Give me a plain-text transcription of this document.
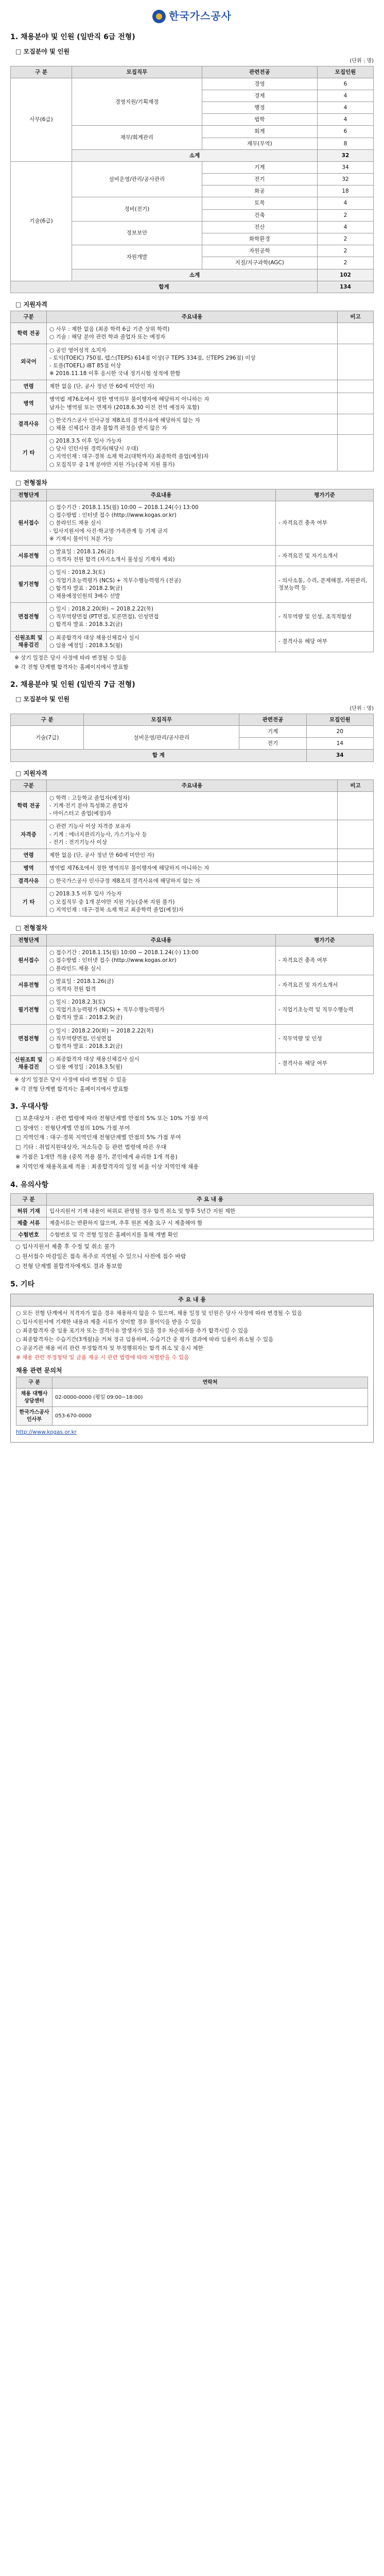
한국가스공사
1. 채용분야 및 인원 (일반직 6급 전형)
□ 모집분야 및 인원
(단위 : 명)
구 분	모집직무	관련전공	모집인원
사무(6급)	경영지원/기획재정	경영	6
		경제	4
		행정	4
		법학	4
	재무/회계관리	회계	6
		재무(무역)	8
	소계		32
기술(6급)	설비운영/관리/공사관리	기계	34
		전기	32
		화공	18
	정비(전기)	토목	4
		건축	2
	정보보안	전산	4
		화학환경	2
	자원개발	자원공학	2
		지질/지구과학(AGC)	2
	소계		102
합계			134
□ 지원자격
구분	주요내용	비고
학력 전공	○ 사무 : 제한 없음 (최종 학력 6급 기준 상위 학력)
○ 기술 : 해당 분야 관련 학과 졸업자 또는 예정자	

외국어	○ 공인 영어성적 소지자
- 토익(TOEIC) 750점, 텝스(TEPS) 614점 이상(구 TEPS 334점, 신TEPS 296점) 이상
- 토플(TOEFL) iBT 85점 이상
※ 2016.11.18 이후 응시한 국내 정기시험 성적에 한함	

연령	제한 없음 (단, 공사 정년 만 60세 미만인 자)	

병역	병역법 제76조에서 정한 병역의무 불이행자에 해당하지 아니하는 자
남자는 병역필 또는 면제자 (2018.6.30 이전 전역 예정자 포함)	

결격사유	○ 한국가스공사 인사규정 제8조의 결격사유에 해당하지 않는 자
○ 채용 신체검사 결과 불합격 판정을 받지 않은 자	

기 타	○ 2018.3.5 이후 입사 가능자
○ 당사 인턴사원 경력자(해당시 우대)
○ 지역인재 : 대구·경북 소재 학교(대학까지) 최종학력 졸업(예정)자
○ 모집직무 중 1개 분야만 지원 가능(중복 지원 불가)	

□ 전형절차
전형단계	주요내용	평가기준
원서접수	○ 접수기간 : 2018.1.15(월) 10:00 ~ 2018.1.24(수) 13:00
○ 접수방법 : 인터넷 접수 (http://www.kogas.or.kr)
○ 블라인드 채용 실시
- 입사지원서에 사진·학교명·가족관계 등 기재 금지
※ 기재시 불이익 처분 가능	- 자격요건 충족 여부
서류전형	○ 발표일 : 2018.1.26(금)
○ 적격자 전원 합격 (자기소개서 불성실 기재자 제외)	- 자격요건 및 자기소개서
필기전형	○ 일시 : 2018.2.3(토)
○ 직업기초능력평가 (NCS) + 직무수행능력평가 (전공)
○ 합격자 발표 : 2018.2.9(금)
○ 채용예정인원의 3배수 선발	- 의사소통, 수리, 문제해결, 자원관리, 정보능력 등
면접전형	○ 일시 : 2018.2.20(화) ~ 2018.2.22(목)
○ 직무역량면접 (PT면접, 토론면접), 인성면접
○ 합격자 발표 : 2018.3.2(금)	- 직무역량 및 인성, 조직적합성
신원조회 및 채용검진	○ 최종합격자 대상 채용신체검사 실시
○ 임용 예정일 : 2018.3.5(월)	- 결격사유 해당 여부
※ 상기 일정은 당사 사정에 따라 변경될 수 있음
※ 각 전형 단계별 합격자는 홈페이지에서 발표함
2. 채용분야 및 인원 (일반직 7급 전형)
□ 모집분야 및 인원
(단위 : 명)
구 분	모집직무	관련전공	모집인원
기술(7급)	설비운영/관리/공사관리	기계	20
		전기	14
합 계			34
□ 지원자격
구분	주요내용	비고
학력 전공	○ 학력 : 고등학교 졸업자(예정자)
- 기계·전기 분야 특성화고 졸업자
- 마이스터고 졸업(예정)자	

자격증	○ 관련 기능사 이상 자격증 보유자
- 기계 : 에너지관리기능사, 가스기능사 등
- 전기 : 전기기능사 이상	

연령	제한 없음 (단, 공사 정년 만 60세 미만인 자)	

병역	병역법 제76조에서 정한 병역의무 불이행자에 해당하지 아니하는 자	

결격사유	○ 한국가스공사 인사규정 제8조의 결격사유에 해당하지 않는 자	

기 타	○ 2018.3.5 이후 입사 가능자
○ 모집직무 중 1개 분야만 지원 가능(중복 지원 불가)
○ 지역인재 : 대구·경북 소재 학교 최종학력 졸업(예정)자	

□ 전형절차
전형단계	주요내용	평가기준
원서접수	○ 접수기간 : 2018.1.15(월) 10:00 ~ 2018.1.24(수) 13:00
○ 접수방법 : 인터넷 접수 (http://www.kogas.or.kr)
○ 블라인드 채용 실시	- 자격요건 충족 여부
서류전형	○ 발표일 : 2018.1.26(금)
○ 적격자 전원 합격	- 자격요건 및 자기소개서
필기전형	○ 일시 : 2018.2.3(토)
○ 직업기초능력평가 (NCS) + 직무수행능력평가
○ 합격자 발표 : 2018.2.9(금)	- 직업기초능력 및 직무수행능력
면접전형	○ 일시 : 2018.2.20(화) ~ 2018.2.22(목)
○ 직무역량면접, 인성면접
○ 합격자 발표 : 2018.3.2(금)	- 직무역량 및 인성
신원조회 및 채용검진	○ 최종합격자 대상 채용신체검사 실시
○ 임용 예정일 : 2018.3.5(월)	- 결격사유 해당 여부
※ 상기 일정은 당사 사정에 따라 변경될 수 있음
※ 각 전형 단계별 합격자는 홈페이지에서 발표함
3. 우대사항
□ 보훈대상자 : 관련 법령에 따라 전형단계별 만점의 5% 또는 10% 가점 부여
□ 장애인 : 전형단계별 만점의 10% 가점 부여
□ 지역인재 : 대구·경북 지역인재 전형단계별 만점의 5% 가점 부여
□ 기타 : 취업지원대상자, 저소득층 등 관련 법령에 따른 우대
※ 가점은 1개만 적용 (중복 적용 불가, 본인에게 유리한 1개 적용)
※ 지역인재 채용목표제 적용 : 최종합격자의 일정 비율 이상 지역인재 채용
4. 유의사항
구 분	주 요 내 용
허위 기재	입사지원서 기재 내용이 허위로 판명될 경우 합격 취소 및 향후 5년간 지원 제한
제출 서류	제출서류는 반환하지 않으며, 추후 원본 제출 요구 시 제출해야 함
수험번호	수험번호 및 각 전형 일정은 홈페이지를 통해 개별 확인
○ 입사지원서 제출 후 수정 및 취소 불가
○ 원서접수 마감일은 접속 폭주로 지연될 수 있으니 사전에 접수 바람
○ 전형 단계별 불합격자에게도 결과 통보함
5. 기타
주 요 내 용

○ 모든 전형 단계에서 적격자가 없을 경우 채용하지 않을 수 있으며, 채용 일정 및 인원은 당사 사정에 따라 변경될 수 있음

○ 입사지원서에 기재한 내용과 제출 서류가 상이할 경우 불이익을 받을 수 있음

○ 최종합격자 중 임용 포기자 또는 결격사유 발생자가 있을 경우 차순위자를 추가 합격시킬 수 있음

○ 최종합격자는 수습기간(3개월)을 거쳐 정규 임용하며, 수습기간 중 평가 결과에 따라 임용이 취소될 수 있음

○ 공공기관 채용 비리 관련 부정합격자 및 부정행위자는 합격 취소 및 응시 제한

※ 채용 관련 부정청탁 및 금품 제공 시 관련 법령에 따라 처벌받을 수 있음

채용 관련 문의처
구 분	연락처
채용 대행사 상담센터	02-0000-0000 (평일 09:00~18:00)
한국가스공사 인사부	053-670-0000

http://www.kogas.or.kr
